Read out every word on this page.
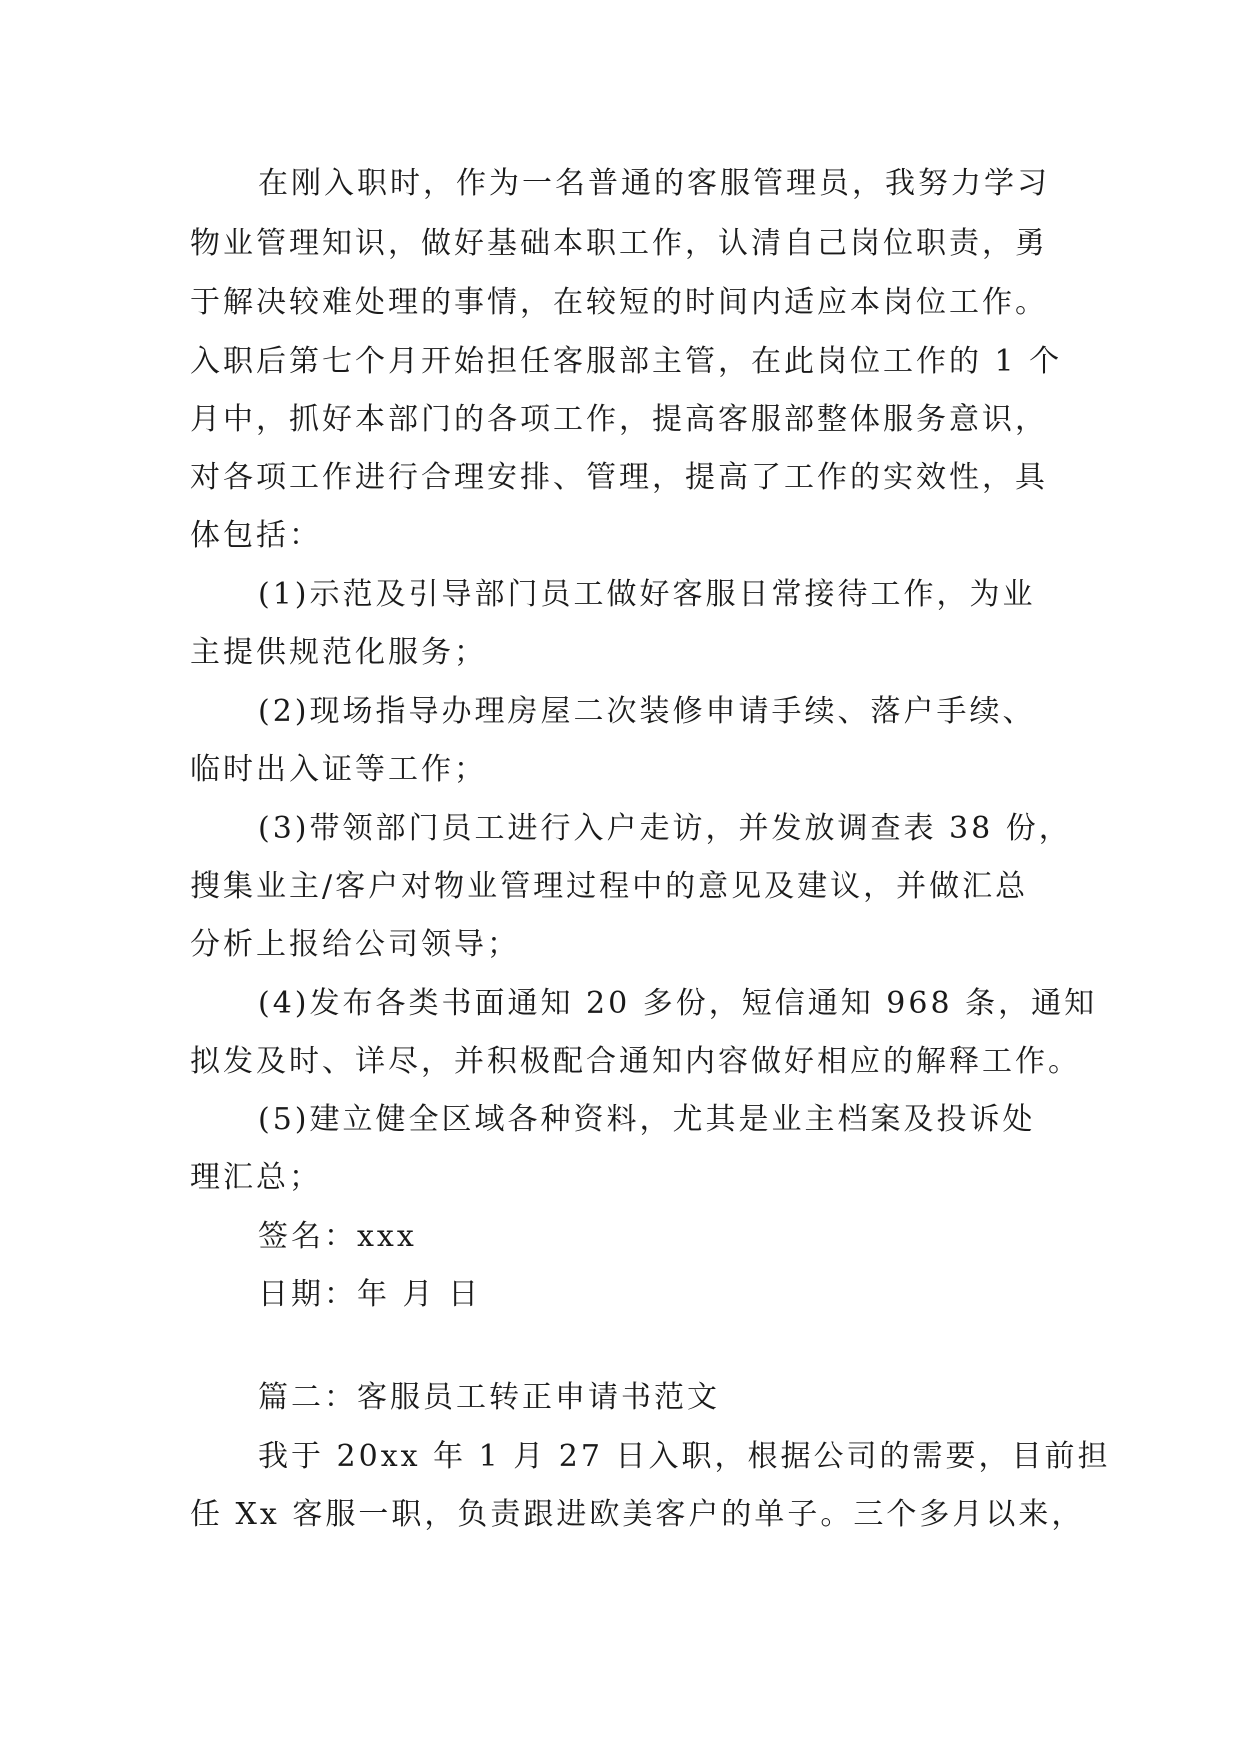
在刚入职时，作为一名普通的客服管理员，我努力学习
物业管理知识，做好基础本职工作，认清自己岗位职责，勇
于解决较难处理的事情，在较短的时间内适应本岗位工作。
入职后第七个月开始担任客服部主管，在此岗位工作的 1 个
月中，抓好本部门的各项工作，提高客服部整体服务意识，
对各项工作进行合理安排、管理，提高了工作的实效性，具
体包括：
(1)示范及引导部门员工做好客服日常接待工作，为业
主提供规范化服务；
(2)现场指导办理房屋二次装修申请手续、落户手续、
临时出入证等工作；
(3)带领部门员工进行入户走访，并发放调查表 38 份，
搜集业主/客户对物业管理过程中的意见及建议，并做汇总
分析上报给公司领导；
(4)发布各类书面通知 20 多份，短信通知 968 条，通知
拟发及时、详尽，并积极配合通知内容做好相应的解释工作。
(5)建立健全区域各种资料，尤其是业主档案及投诉处
理汇总；
签名：xxx
日期：年 月 日
篇二：客服员工转正申请书范文
我于 20xx 年 1 月 27 日入职，根据公司的需要，目前担
任 Xx 客服一职，负责跟进欧美客户的单子。三个多月以来，
